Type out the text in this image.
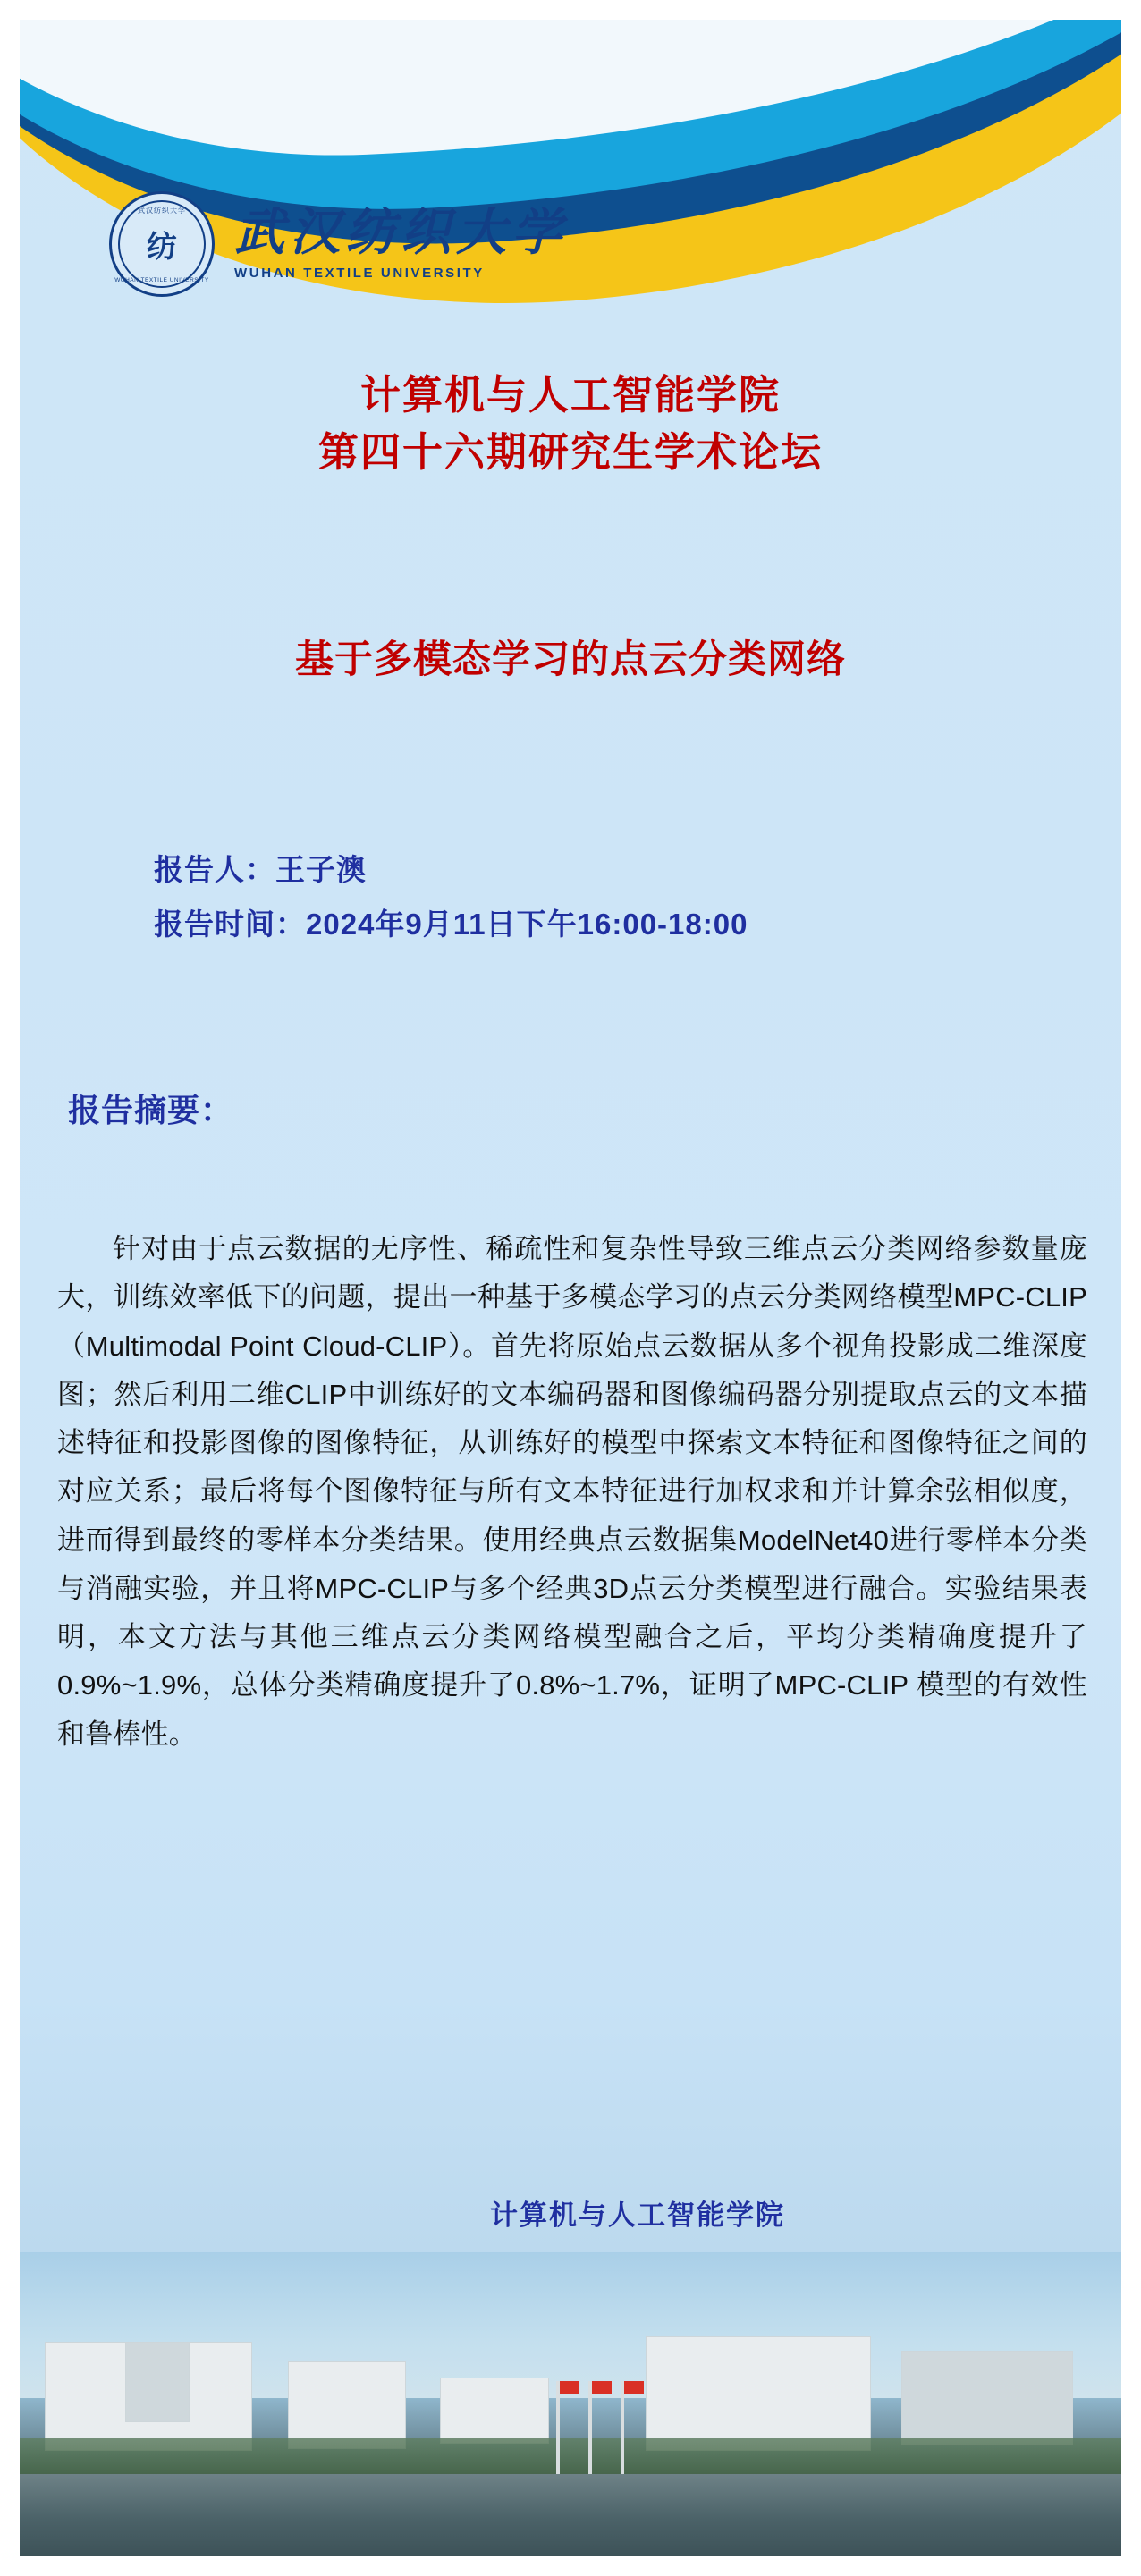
武汉纺织大学
纺
WUHAN TEXTILE UNIVERSITY
武汉纺织大学
WUHAN TEXTILE UNIVERSITY
计算机与人工智能学院
第四十六期研究生学术论坛
基于多模态学习的点云分类网络
报告人：王子澳
报告时间：2024年9月11日下午16:00-18:00
报告摘要：
针对由于点云数据的无序性、稀疏性和复杂性导致三维点云分类网络参数量庞大，训练效率低下的问题，提出一种基于多模态学习的点云分类网络模型MPC-CLIP（Multimodal Point Cloud-CLIP）。首先将原始点云数据从多个视角投影成二维深度图；然后利用二维CLIP中训练好的文本编码器和图像编码器分别提取点云的文本描述特征和投影图像的图像特征，从训练好的模型中探索文本特征和图像特征之间的对应关系；最后将每个图像特征与所有文本特征进行加权求和并计算余弦相似度，进而得到最终的零样本分类结果。使用经典点云数据集ModelNet40进行零样本分类与消融实验，并且将MPC-CLIP与多个经典3D点云分类模型进行融合。实验结果表明，本文方法与其他三维点云分类网络模型融合之后，平均分类精确度提升了0.9%~1.9%，总体分类精确度提升了0.8%~1.7%，证明了MPC-CLIP 模型的有效性和鲁棒性。
计算机与人工智能学院
